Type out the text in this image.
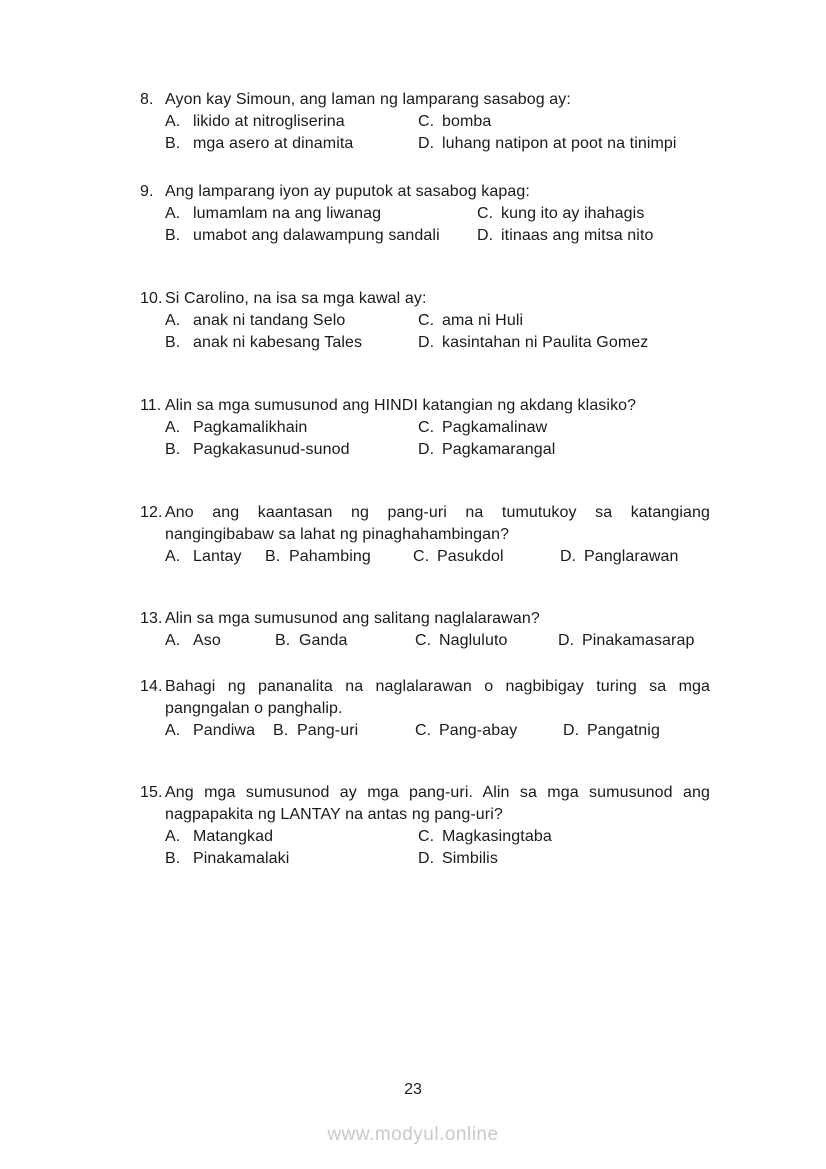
8. Ayon kay Simoun, ang laman ng lamparang sasabog ay:
A. likido at nitrogliserina
B. mga asero at dinamita
C. bomba
D. luhang natipon at poot na tinimpi
9. Ang lamparang iyon ay puputok at sasabog kapag:
A. lumamlam na ang liwanag
B. umabot ang dalawampung sandali
C. kung ito ay ihahagis
D. itinaas ang mitsa nito
10. Si Carolino, na isa sa mga kawal ay:
A. anak ni tandang Selo
B. anak ni kabesang Tales
C. ama ni Huli
D. kasintahan ni Paulita Gomez
11. Alin sa mga sumusunod ang HINDI katangian ng akdang klasiko?
A. Pagkamalikhain
B. Pagkakasunud-sunod
C. Pagkamalinaw
D. Pagkamarangal
12. Ano ang kaantasan ng pang-uri na tumutukoy sa katangiang
nangingibabaw sa lahat ng pinaghahambingan?
A. Lantay	B. Pahambing	C. Pasukdol	D. Panglarawan
13. Alin sa mga sumusunod ang salitang naglalarawan?
A. Aso	B. Ganda	C. Nagluluto	D. Pinakamasarap
14. Bahagi ng pananalita na naglalarawan o nagbibigay turing sa mga
pangngalan o panghalip.
A. Pandiwa	B. Pang-uri	C. Pang-abay	D. Pangatnig
15. Ang mga sumusunod ay mga pang-uri. Alin sa mga sumusunod ang
nagpapakita ng LANTAY na antas ng pang-uri?
A. Matangkad
B. Pinakamalaki
C. Magkasingtaba
D. Simbilis
23
www.modyul.online
